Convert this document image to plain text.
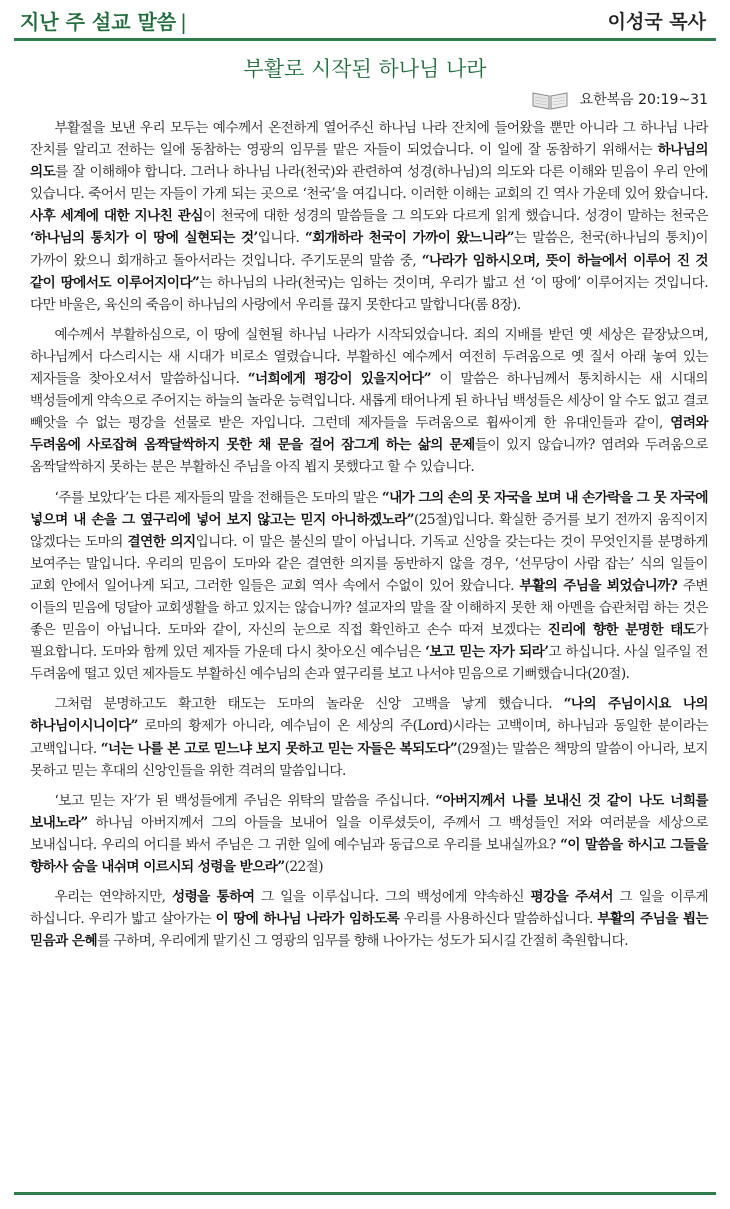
지난 주 설교 말씀 |	이성국 목사
부활로 시작된 하나님 나라
요한복음 20:19~31

부활절을 보낸 우리 모두는 예수께서 온전하게 열어주신 하나님 나라 잔치에 들어왔을 뿐만 아니라 그 하나님 나라 잔치를 알리고 전하는 일에 동참하는 영광의 임무를 맡은 자들이 되었습니다. 이 일에 잘 동참하기 위해서는 하나님의 의도를 잘 이해해야 합니다. 그러나 하나님 나라(천국)와 관련하여 성경(하나님)의 의도와 다른 이해와 믿음이 우리 안에 있습니다. 죽어서 믿는 자들이 가게 되는 곳으로 ‘천국’을 여깁니다. 이러한 이해는 교회의 긴 역사 가운데 있어 왔습니다. 사후 세계에 대한 지나친 관심이 천국에 대한 성경의 말씀들을 그 의도와 다르게 읽게 했습니다. 성경이 말하는 천국은 ‘하나님의 통치가 이 땅에 실현되는 것’입니다. “회개하라 천국이 가까이 왔느니라”는 말씀은, 천국(하나님의 통치)이 가까이 왔으니 회개하고 돌아서라는 것입니다. 주기도문의 말씀 중, “나라가 임하시오며, 뜻이 하늘에서 이루어 진 것 같이 땅에서도 이루어지이다”는 하나님의 나라(천국)는 임하는 것이며, 우리가 밟고 선 ‘이 땅에’ 이루어지는 것입니다. 다만 바울은, 육신의 죽음이 하나님의 사랑에서 우리를 끊지 못한다고 말합니다(롬 8장).

예수께서 부활하심으로, 이 땅에 실현될 하나님 나라가 시작되었습니다. 죄의 지배를 받던 옛 세상은 끝장났으며, 하나님께서 다스리시는 새 시대가 비로소 열렸습니다. 부활하신 예수께서 여전히 두려움으로 옛 질서 아래 놓여 있는 제자들을 찾아오셔서 말씀하십니다. “너희에게 평강이 있을지어다” 이 말씀은 하나님께서 통치하시는 새 시대의 백성들에게 약속으로 주어지는 하늘의 놀라운 능력입니다. 새롭게 태어나게 된 하나님 백성들은 세상이 알 수도 없고 결코 빼앗을 수 없는 평강을 선물로 받은 자입니다. 그런데 제자들을 두려움으로 휩싸이게 한 유대인들과 같이, 염려와 두려움에 사로잡혀 옴짝달싹하지 못한 채 문을 걸어 잠그게 하는 삶의 문제들이 있지 않습니까? 염려와 두려움으로 옴짝달싹하지 못하는 분은 부활하신 주님을 아직 뵙지 못했다고 할 수 있습니다.

‘주를 보았다’는 다른 제자들의 말을 전해들은 도마의 말은 “내가 그의 손의 못 자국을 보며 내 손가락을 그 못 자국에 넣으며 내 손을 그 옆구리에 넣어 보지 않고는 믿지 아니하겠노라”(25절)입니다. 확실한 증거를 보기 전까지 움직이지 않겠다는 도마의 결연한 의지입니다. 이 말은 불신의 말이 아닙니다. 기독교 신앙을 갖는다는 것이 무엇인지를 분명하게 보여주는 말입니다. 우리의 믿음이 도마와 같은 결연한 의지를 동반하지 않을 경우, ‘선무당이 사람 잡는’ 식의 일들이 교회 안에서 일어나게 되고, 그러한 일들은 교회 역사 속에서 수없이 있어 왔습니다. 부활의 주님을 뵈었습니까? 주변 이들의 믿음에 덩달아 교회생활을 하고 있지는 않습니까? 설교자의 말을 잘 이해하지 못한 채 아멘을 습관처럼 하는 것은 좋은 믿음이 아닙니다. 도마와 같이, 자신의 눈으로 직접 확인하고 손수 따져 보겠다는 진리에 향한 분명한 태도가 필요합니다. 도마와 함께 있던 제자들 가운데 다시 찾아오신 예수님은 ‘보고 믿는 자가 되라’고 하십니다. 사실 일주일 전 두려움에 떨고 있던 제자들도 부활하신 예수님의 손과 옆구리를 보고 나서야 믿음으로 기뻐했습니다(20절).

그처럼 분명하고도 확고한 태도는 도마의 놀라운 신앙 고백을 낳게 했습니다. “나의 주님이시요 나의 하나님이시니이다” 로마의 황제가 아니라, 예수님이 온 세상의 주(Lord)시라는 고백이며, 하나님과 동일한 분이라는 고백입니다. “너는 나를 본 고로 믿느냐 보지 못하고 믿는 자들은 복되도다”(29절)는 말씀은 책망의 말씀이 아니라, 보지 못하고 믿는 후대의 신앙인들을 위한 격려의 말씀입니다.

‘보고 믿는 자’가 된 백성들에게 주님은 위탁의 말씀을 주십니다. “아버지께서 나를 보내신 것 같이 나도 너희를 보내노라” 하나님 아버지께서 그의 아들을 보내어 일을 이루셨듯이, 주께서 그 백성들인 저와 여러분을 세상으로 보내십니다. 우리의 어디를 봐서 주님은 그 귀한 일에 예수님과 동급으로 우리를 보내실까요? “이 말씀을 하시고 그들을 향하사 숨을 내쉬며 이르시되 성령을 받으라”(22절)

우리는 연약하지만, 성령을 통하여 그 일을 이루십니다. 그의 백성에게 약속하신 평강을 주셔서 그 일을 이루게 하십니다. 우리가 밟고 살아가는 이 땅에 하나님 나라가 임하도록 우리를 사용하신다 말씀하십니다. 부활의 주님을 뵙는 믿음과 은혜를 구하며, 우리에게 맡기신 그 영광의 임무를 향해 나아가는 성도가 되시길 간절히 축원합니다.
